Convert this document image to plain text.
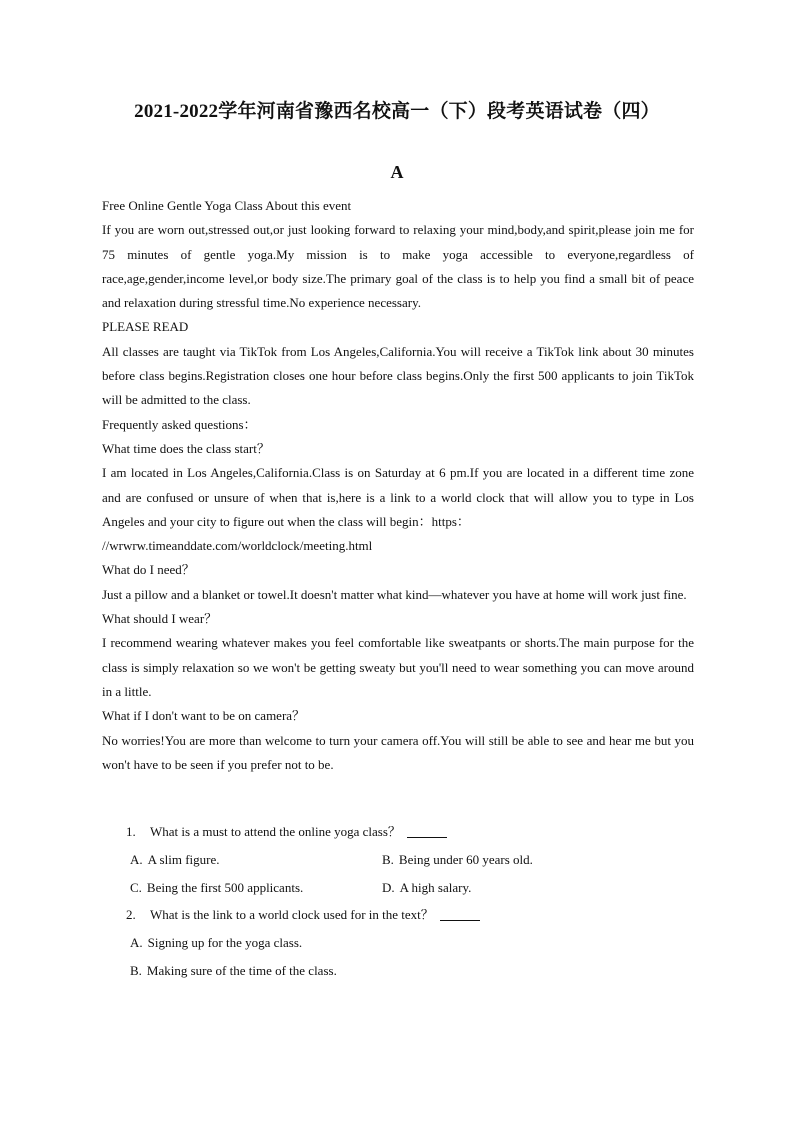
2021-2022学年河南省豫西名校高一（下）段考英语试卷（四）
A

Free Online Gentle Yoga Class About this event

If you are worn out,stressed out,or just looking forward to relaxing your mind,body,and spirit,please join me for 75 minutes of gentle yoga.My mission is to make yoga accessible to everyone,regardless of race,age,gender,income level,or body size.The primary goal of the class is to help you find a small bit of peace and relaxation during stressful time.No experience necessary.

PLEASE READ

All classes are taught via TikTok from Los Angeles,California.You will receive a TikTok link about 30 minutes before class begins.Registration closes one hour before class begins.Only the first 500 applicants to join TikTok will be admitted to the class.

Frequently asked questions：

What time does the class start？

I am located in Los Angeles,California.Class is on Saturday at 6 pm.If you are located in a different time zone and are confused or unsure of when that is,here is a link to a world clock that will allow you to type in Los Angeles and your city to figure out when the class will begin：https：

//wrwrw.timeanddate.com/worldclock/meeting.html

What do I need？

Just a pillow and a blanket or towel.It doesn't matter what kind—whatever you have at home will work just fine.

What should I wear？

I recommend wearing whatever makes you feel comfortable like sweatpants or shorts.The main purpose for the class is simply relaxation so we won't be getting sweaty but you'll need to wear something you can move around in a little.

What if I don't want to be on camera？

No worries!You are more than welcome to turn your camera off.You will still be able to see and hear me but you won't have to be seen if you prefer not to be.

1. What is a must to attend the online yoga class？
A. A slim figure.	B. Being under 60 years old.
C. Being the first 500 applicants.	D. A high salary.
2. What is the link to a world clock used for in the text？
A. Signing up for the yoga class.
B. Making sure of the time of the class.
